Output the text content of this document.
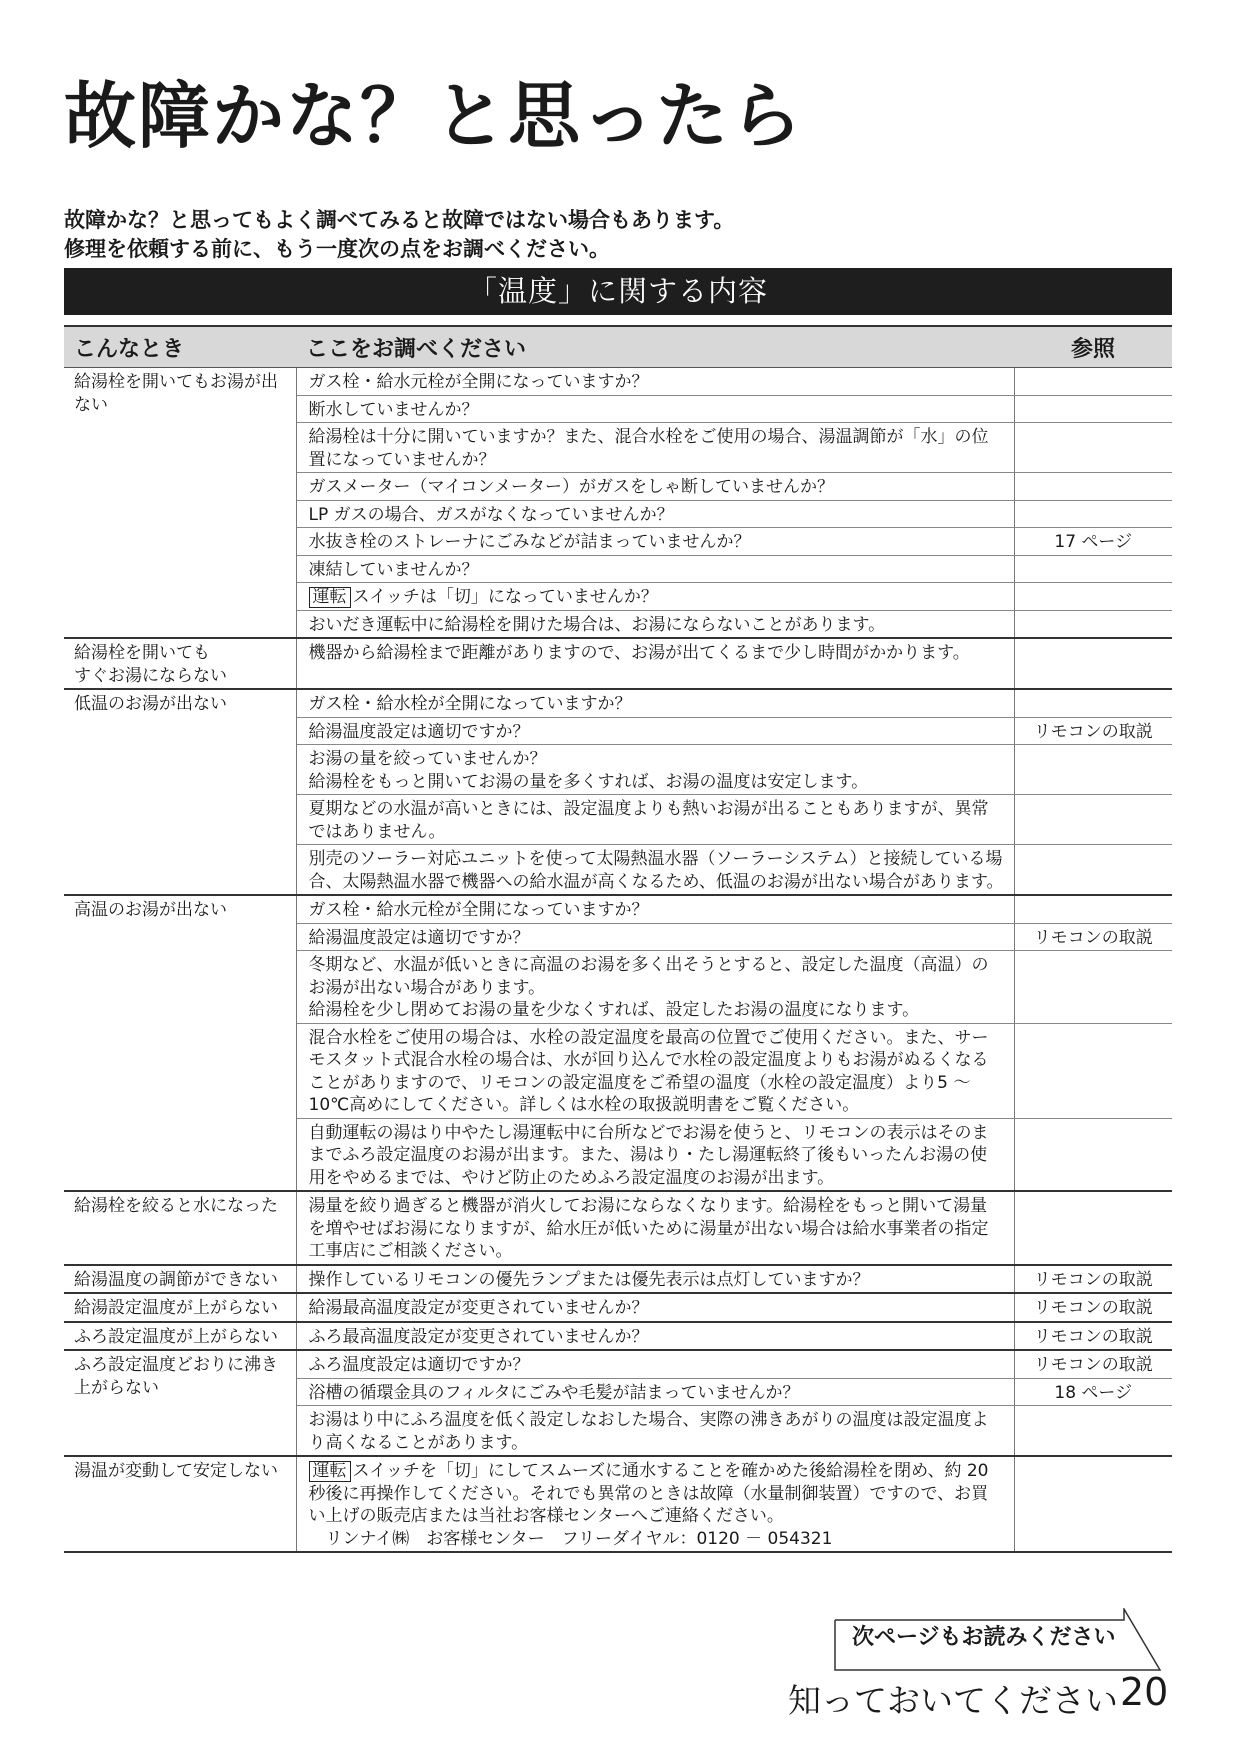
故障かな？と思ったら

故障かな？と思ってもよく調べてみると故障ではない場合もあります。
修理を依頼する前に、もう一度次の点をお調べください。

「温度」に関する内容
こんなとき	ここをお調べください	参照
給湯栓を開いてもお湯が出ない	ガス栓・給水元栓が全開になっていますか？	
	断水していませんか？	
	給湯栓は十分に開いていますか？また、混合水栓をご使用の場合、湯温調節が「水」の位置になっていませんか？	
	ガスメーター（マイコンメーター）がガスをしゃ断していませんか？	
	LP ガスの場合、ガスがなくなっていませんか？	
	水抜き栓のストレーナにごみなどが詰まっていませんか？	17 ページ
	凍結していませんか？	
	運転 スイッチは「切」になっていませんか？	
	おいだき運転中に給湯栓を開けた場合は、お湯にならないことがあります。	
給湯栓を開いても
すぐお湯にならない	機器から給湯栓まで距離がありますので、お湯が出てくるまで少し時間がかかります。	
低温のお湯が出ない	ガス栓・給水栓が全開になっていますか？	
	給湯温度設定は適切ですか？	リモコンの取説
	お湯の量を絞っていませんか？
給湯栓をもっと開いてお湯の量を多くすれば、お湯の温度は安定します。	
	夏期などの水温が高いときには、設定温度よりも熱いお湯が出ることもありますが、異常ではありません。	
	別売のソーラー対応ユニットを使って太陽熱温水器（ソーラーシステム）と接続している場合、太陽熱温水器で機器への給水温が高くなるため、低温のお湯が出ない場合があります。	
高温のお湯が出ない	ガス栓・給水元栓が全開になっていますか？	
	給湯温度設定は適切ですか？	リモコンの取説
	冬期など、水温が低いときに高温のお湯を多く出そうとすると、設定した温度（高温）のお湯が出ない場合があります。
給湯栓を少し閉めてお湯の量を少なくすれば、設定したお湯の温度になります。	
	混合水栓をご使用の場合は、水栓の設定温度を最高の位置でご使用ください。また、サーモスタット式混合水栓の場合は、水が回り込んで水栓の設定温度よりもお湯がぬるくなることがありますので、リモコンの設定温度をご希望の温度（水栓の設定温度）より5 ～10℃高めにしてください。詳しくは水栓の取扱説明書をご覧ください。	
	自動運転の湯はり中やたし湯運転中に台所などでお湯を使うと、リモコンの表示はそのままでふろ設定温度のお湯が出ます。また、湯はり・たし湯運転終了後もいったんお湯の使用をやめるまでは、やけど防止のためふろ設定温度のお湯が出ます。	
給湯栓を絞ると水になった	湯量を絞り過ぎると機器が消火してお湯にならなくなります。給湯栓をもっと開いて湯量を増やせばお湯になりますが、給水圧が低いために湯量が出ない場合は給水事業者の指定工事店にご相談ください。	
給湯温度の調節ができない	操作しているリモコンの優先ランプまたは優先表示は点灯していますか？	リモコンの取説
給湯設定温度が上がらない	給湯最高温度設定が変更されていませんか？	リモコンの取説
ふろ設定温度が上がらない	ふろ最高温度設定が変更されていませんか？	リモコンの取説
ふろ設定温度どおりに沸き上がらない	ふろ温度設定は適切ですか？	リモコンの取説
	浴槽の循環金具のフィルタにごみや毛髪が詰まっていませんか？	18 ページ
	お湯はり中にふろ温度を低く設定しなおした場合、実際の沸きあがりの温度は設定温度より高くなることがあります。	
湯温が変動して安定しない	運転 スイッチを「切」にしてスムーズに通水することを確かめた後給湯栓を閉め、約 20 秒後に再操作してください。それでも異常のときは故障（水量制御装置）ですので、お買い上げの販売店または当社お客様センターへご連絡ください。
　リンナイ㈱　お客様センター　フリーダイヤル：0120 － 054321	
次ページもお読みください
知っておいてください 20
